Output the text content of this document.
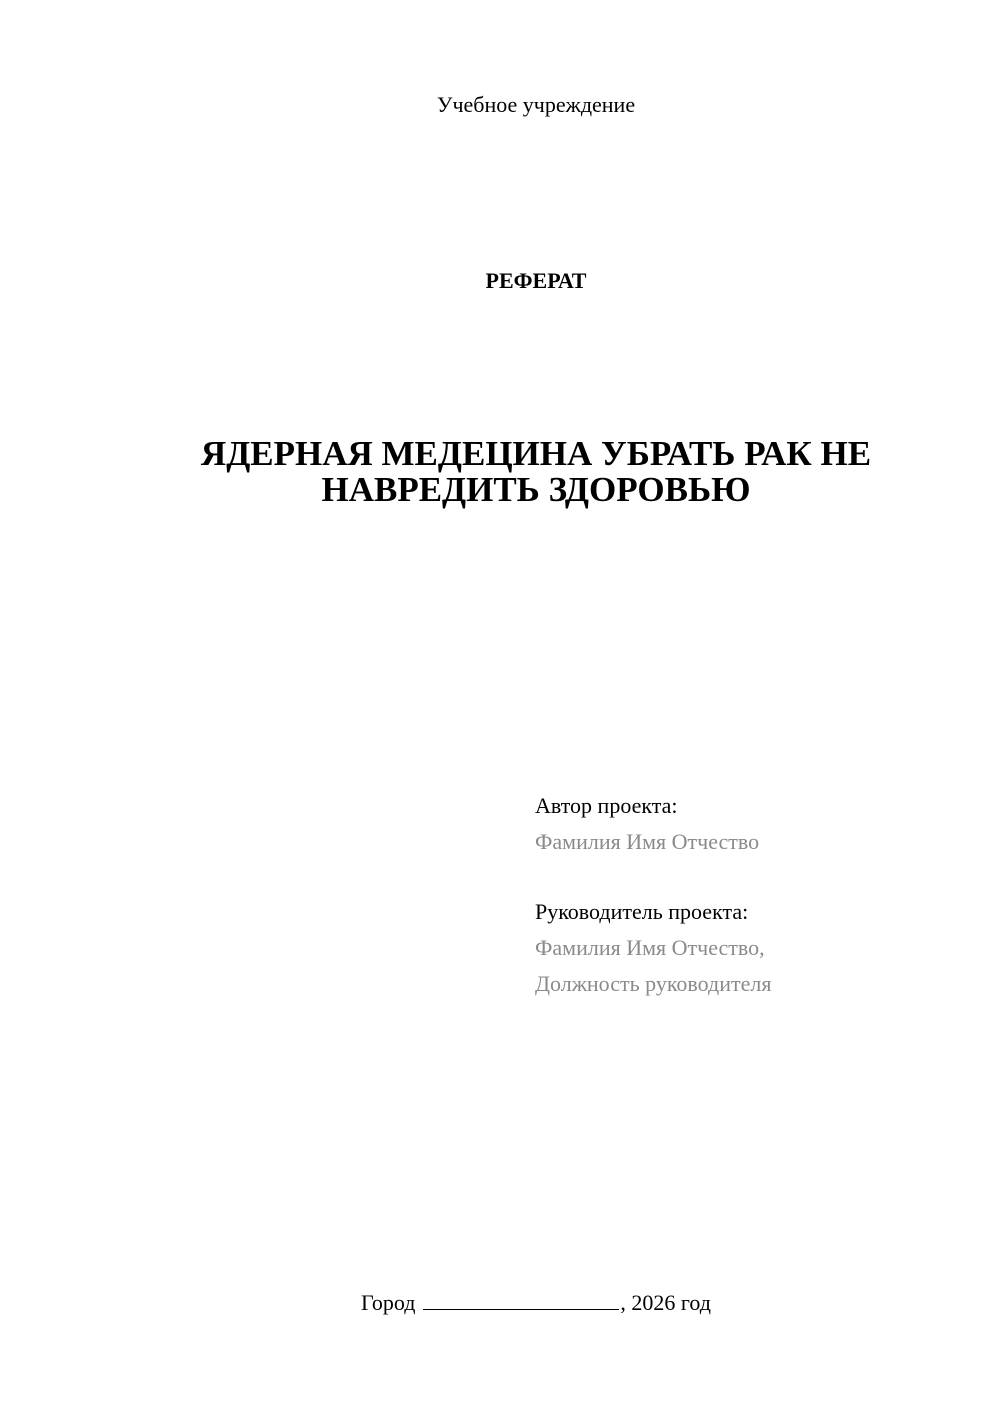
Учебное учреждение
РЕФЕРАТ
ЯДЕРНАЯ МЕДЕЦИНА УБРАТЬ РАК НЕ
НАВРЕДИТЬ ЗДОРОВЬЮ
Автор проекта:
Фамилия Имя Отчество
Руководитель проекта:
Фамилия Имя Отчество,
Должность руководителя
Город	, 2026 год
